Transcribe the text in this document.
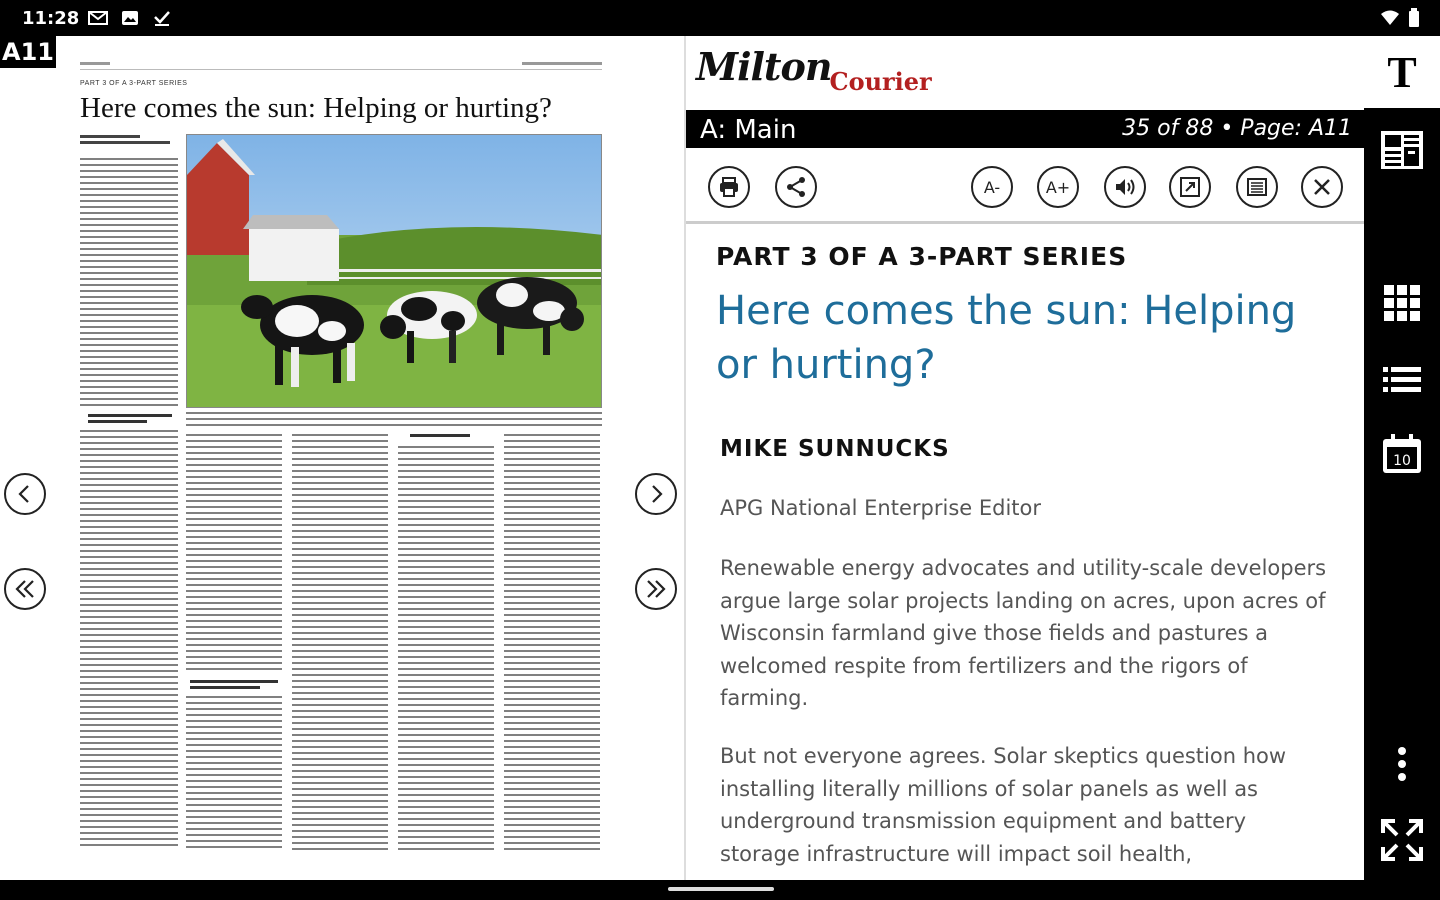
11:28
A11
PART 3 OF A 3-PART SERIES
Here comes the sun: Helping or hurting?
MiltonCourier
A: Main	35 of 88 • Page: A11
A-	A+
PART 3 OF A 3-PART SERIES
Here comes the sun: Helping or hurting?
MIKE SUNNUCKS
APG National Enterprise Editor

Renewable energy advocates and utility-scale developers argue large solar projects landing on acres, upon acres of Wisconsin farmland give those fields and pastures a welcomed respite from fertilizers and the rigors of farming.

But not everyone agrees. Solar skeptics question how installing literally millions of solar panels as well as underground transmission equipment and battery storage infrastructure will impact soil health,

T
10
